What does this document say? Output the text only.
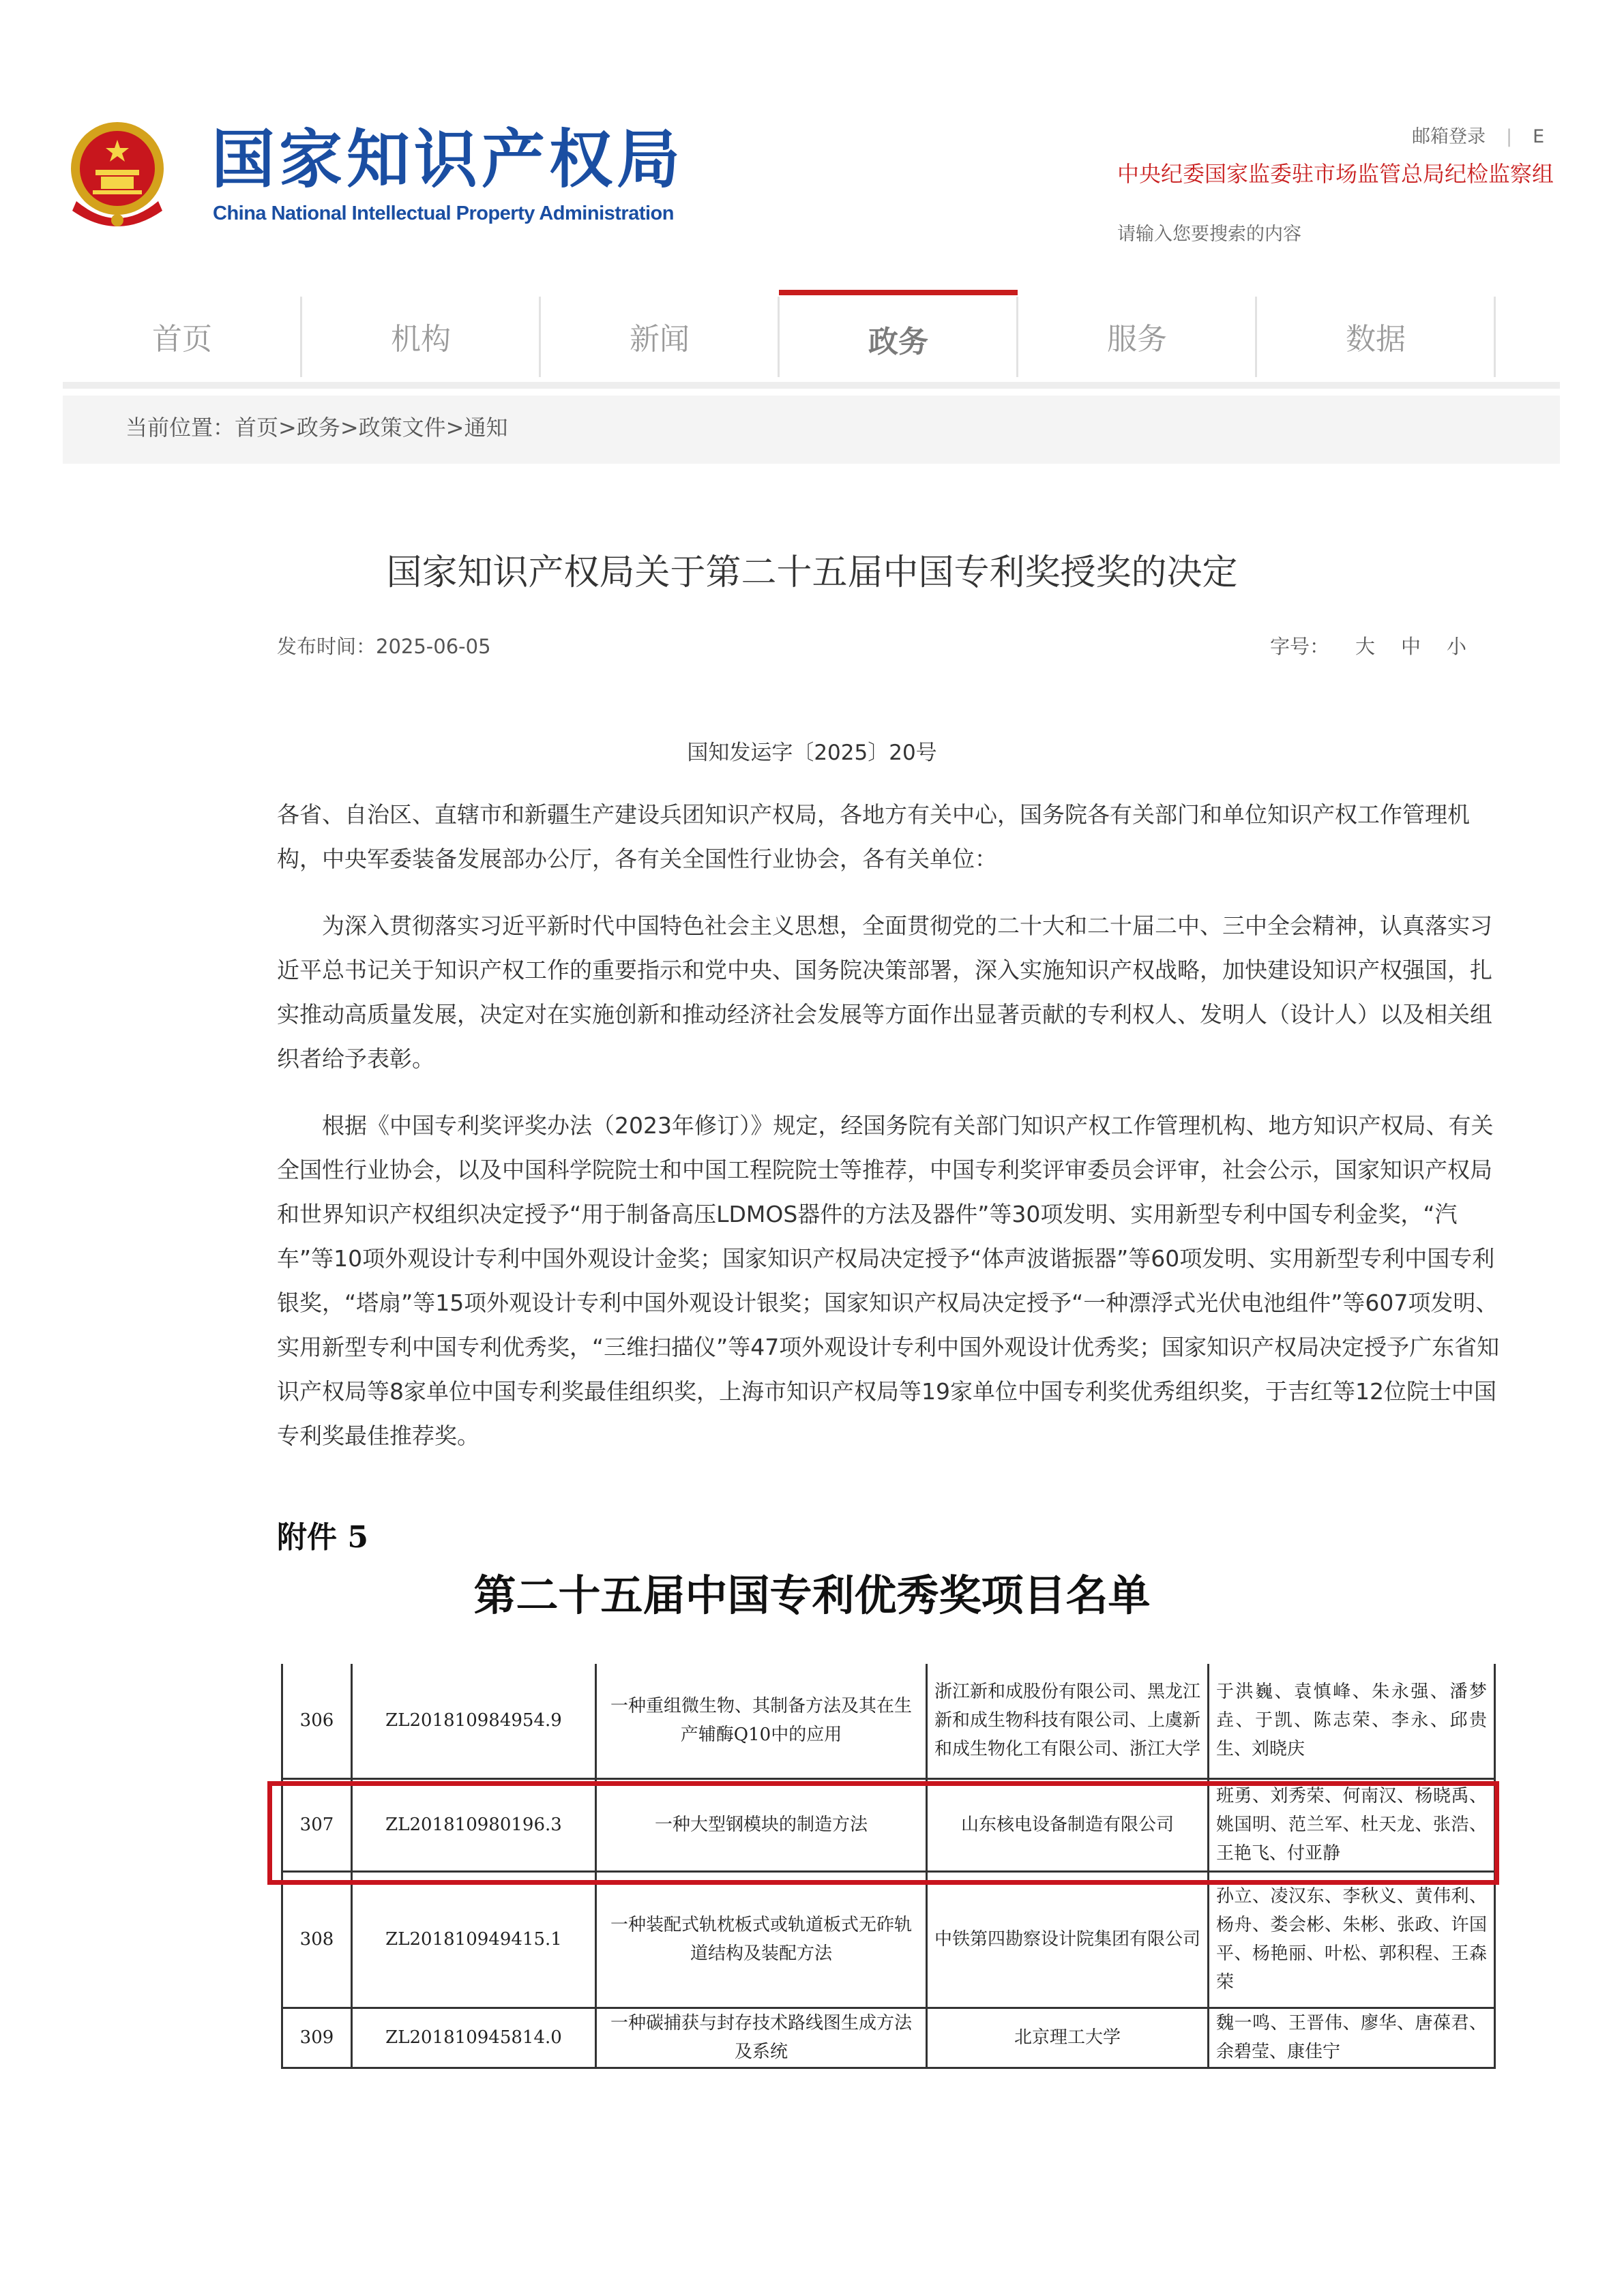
国家知识产权局
China National Intellectual Property Administration
邮箱登录 | E
中央纪委国家监委驻市场监管总局纪检监察组
请输入您要搜索的内容
首页	机构	新闻	政务	服务	数据
当前位置：首页>政务>政策文件>通知
国家知识产权局关于第二十五届中国专利奖授奖的决定
发布时间：2025-06-05	字号： 大 中 小
国知发运字〔2025〕20号

各省、自治区、直辖市和新疆生产建设兵团知识产权局，各地方有关中心，国务院各有关部门和单位知识产权工作管理机构，中央军委装备发展部办公厅，各有关全国性行业协会，各有关单位：

为深入贯彻落实习近平新时代中国特色社会主义思想，全面贯彻党的二十大和二十届二中、三中全会精神，认真落实习近平总书记关于知识产权工作的重要指示和党中央、国务院决策部署，深入实施知识产权战略，加快建设知识产权强国，扎实推动高质量发展，决定对在实施创新和推动经济社会发展等方面作出显著贡献的专利权人、发明人（设计人）以及相关组织者给予表彰。

根据《中国专利奖评奖办法（2023年修订）》规定，经国务院有关部门知识产权工作管理机构、地方知识产权局、有关全国性行业协会，以及中国科学院院士和中国工程院院士等推荐，中国专利奖评审委员会评审，社会公示，国家知识产权局和世界知识产权组织决定授予“用于制备高压LDMOS器件的方法及器件”等30项发明、实用新型专利中国专利金奖，“汽车”等10项外观设计专利中国外观设计金奖；国家知识产权局决定授予“体声波谐振器”等60项发明、实用新型专利中国专利银奖，“塔扇”等15项外观设计专利中国外观设计银奖；国家知识产权局决定授予“一种漂浮式光伏电池组件”等607项发明、实用新型专利中国专利优秀奖，“三维扫描仪”等47项外观设计专利中国外观设计优秀奖；国家知识产权局决定授予广东省知识产权局等8家单位中国专利奖最佳组织奖，上海市知识产权局等19家单位中国专利奖优秀组织奖，于吉红等12位院士中国专利奖最佳推荐奖。

附件 5
第二十五届中国专利优秀奖项目名单
306	ZL201810984954.9	一种重组微生物、其制备方法及其在生产辅酶Q10中的应用	浙江新和成股份有限公司、黑龙江新和成生物科技有限公司、上虞新和成生物化工有限公司、浙江大学	于洪巍、袁慎峰、朱永强、潘梦垚、于凯、陈志荣、李永、邱贵生、刘晓庆
307	ZL201810980196.3	一种大型钢模块的制造方法	山东核电设备制造有限公司	班勇、刘秀荣、何南汉、杨晓禹、姚国明、范兰军、杜天龙、张浩、王艳飞、付亚静
308	ZL201810949415.1	一种装配式轨枕板式或轨道板式无砟轨道结构及装配方法	中铁第四勘察设计院集团有限公司	孙立、凌汉东、李秋义、黄伟利、杨舟、娄会彬、朱彬、张政、许国平、杨艳丽、叶松、郭积程、王森荣
309	ZL201810945814.0	一种碳捕获与封存技术路线图生成方法及系统	北京理工大学	魏一鸣、王晋伟、廖华、唐葆君、余碧莹、康佳宁
